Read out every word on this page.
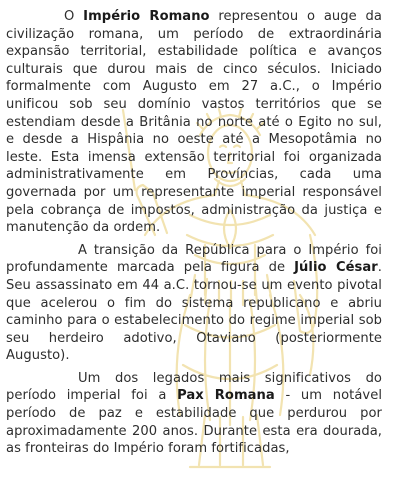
O Império Romano representou o auge da civilização romana, um período de extraordinária expansão territorial, estabilidade política e avanços culturais que durou mais de cinco séculos. Iniciado formalmente com Augusto em 27 a.C., o Império unificou sob seu domínio vastos territórios que se estendiam desde a Britânia no norte até o Egito no sul, e desde a Hispânia no oeste até a Mesopotâmia no leste. Esta imensa extensão territorial foi organizada administrativamente em Províncias, cada uma governada por um representante imperial responsável pela cobrança de impostos, administração da justiça e manutenção da ordem.

A transição da República para o Império foi profundamente marcada pela figura de Júlio César. Seu assassinato em 44 a.C. tornou-se um evento pivotal que acelerou o fim do sistema republicano e abriu caminho para o estabelecimento do regime imperial sob seu herdeiro adotivo, Otaviano (posteriormente Augusto).

Um dos legados mais significativos do período imperial foi a Pax Romana - um notável período de paz e estabilidade que perdurou por aproximadamente 200 anos. Durante esta era dourada, as fronteiras do Império foram fortificadas,
